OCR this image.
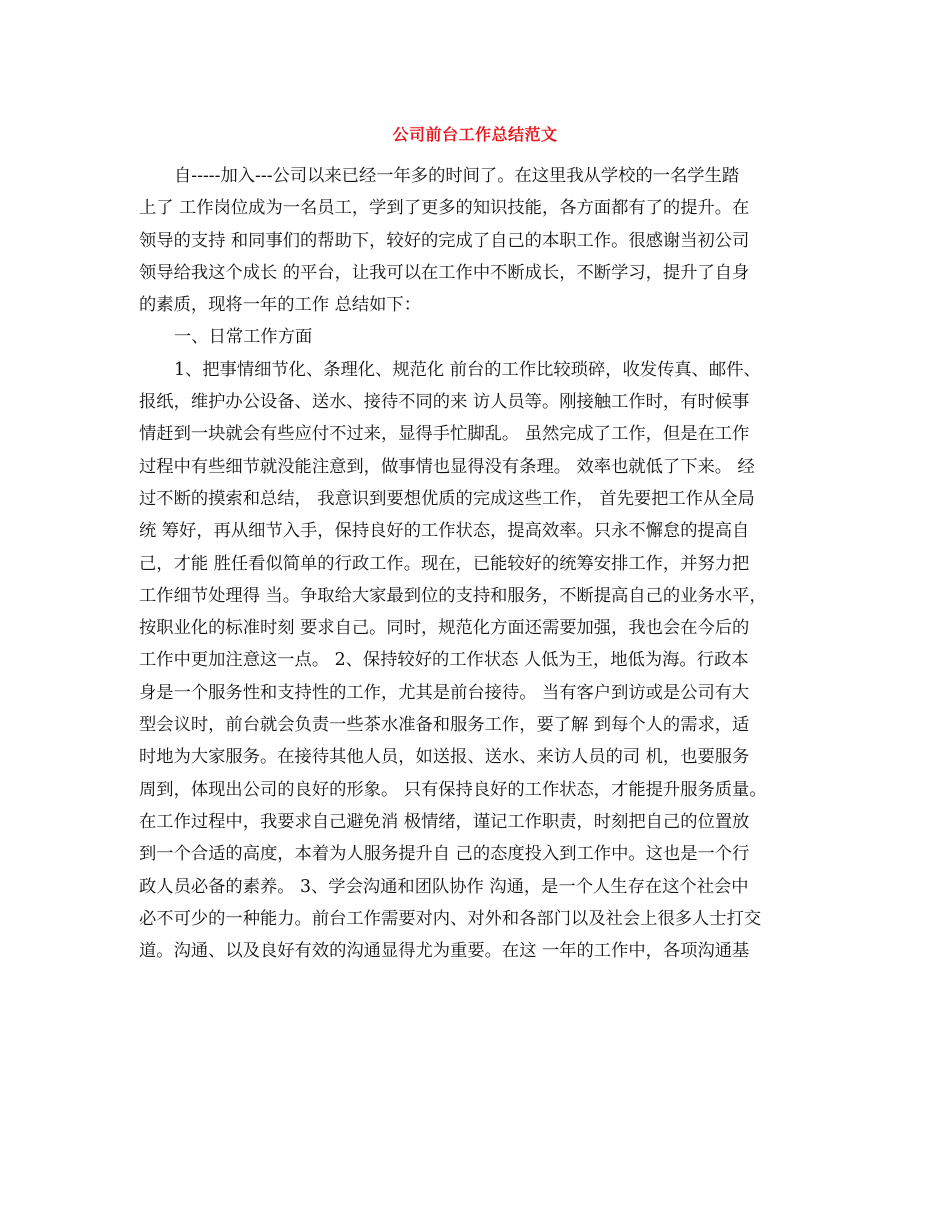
公司前台工作总结范文
自-----加入---公司以来已经一年多的时间了。在这里我从学校的一名学生踏
上了 工作岗位成为一名员工，学到了更多的知识技能，各方面都有了的提升。在
领导的支持 和同事们的帮助下，较好的完成了自己的本职工作。很感谢当初公司
领导给我这个成长 的平台，让我可以在工作中不断成长，不断学习，提升了自身
的素质，现将一年的工作 总结如下：
一、日常工作方面
1、把事情细节化、条理化、规范化 前台的工作比较琐碎，收发传真、邮件、
报纸，维护办公设备、送水、接待不同的来 访人员等。刚接触工作时，有时候事
情赶到一块就会有些应付不过来，显得手忙脚乱。 虽然完成了工作，但是在工作
过程中有些细节就没能注意到，做事情也显得没有条理。 效率也就低了下来。 经
过不断的摸索和总结， 我意识到要想优质的完成这些工作， 首先要把工作从全局
统 筹好，再从细节入手，保持良好的工作状态，提高效率。只永不懈怠的提高自
己，才能 胜任看似简单的行政工作。现在，已能较好的统筹安排工作，并努力把
工作细节处理得 当。争取给大家最到位的支持和服务，不断提高自己的业务水平，
按职业化的标准时刻 要求自己。同时，规范化方面还需要加强，我也会在今后的
工作中更加注意这一点。 2、保持较好的工作状态 人低为王，地低为海。行政本
身是一个服务性和支持性的工作，尤其是前台接待。 当有客户到访或是公司有大
型会议时，前台就会负责一些茶水准备和服务工作，要了解 到每个人的需求，适
时地为大家服务。在接待其他人员，如送报、送水、来访人员的司 机，也要服务
周到，体现出公司的良好的形象。 只有保持良好的工作状态，才能提升服务质量。
在工作过程中，我要求自己避免消 极情绪，谨记工作职责，时刻把自己的位置放
到一个合适的高度，本着为人服务提升自 己的态度投入到工作中。这也是一个行
政人员必备的素养。 3、学会沟通和团队协作 沟通，是一个人生存在这个社会中
必不可少的一种能力。前台工作需要对内、对外和各部门以及社会上很多人士打交
道。沟通、以及良好有效的沟通显得尤为重要。在这 一年的工作中，各项沟通基
